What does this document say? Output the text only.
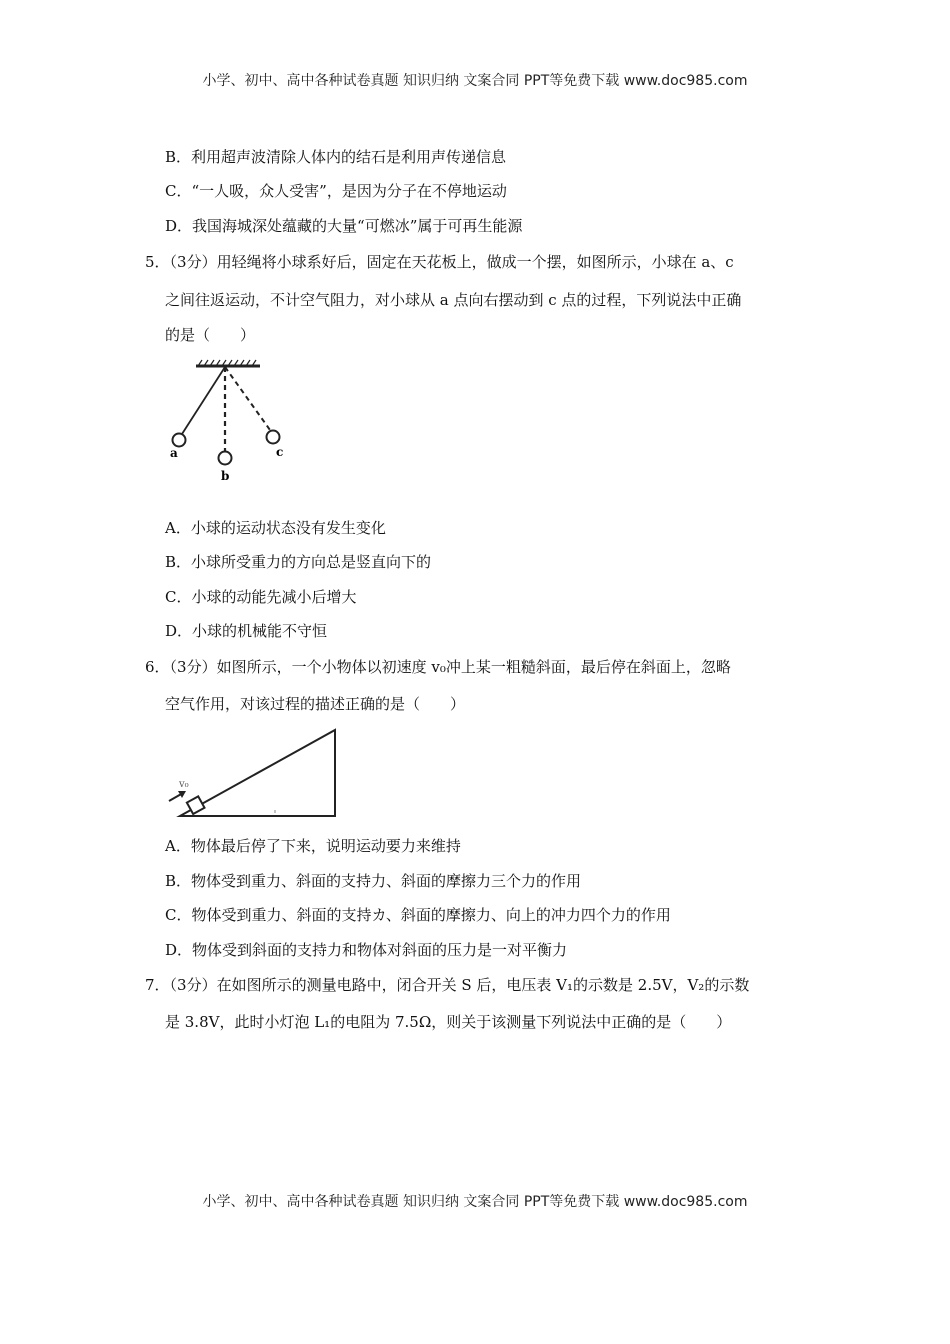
小学、初中、高中各种试卷真题 知识归纳 文案合同 PPT等免费下载 www.doc985.com
B．利用超声波清除人体内的结石是利用声传递信息
C．“一人吸，众人受害”，是因为分子在不停地运动
D．我国海城深处蕴藏的大量“可燃冰”属于可再生能源
5．（3分）用轻绳将小球系好后，固定在天花板上，做成一个摆，如图所示，小球在 a、c
之间往返运动，不计空气阻力，对小球从 a 点向右摆动到 c 点的过程，下列说法中正确
的是（　　）
a
b
c
A．小球的运动状态没有发生变化
B．小球所受重力的方向总是竖直向下的
C．小球的动能先减小后增大
D．小球的机械能不守恒
6．（3分）如图所示，一个小物体以初速度 v₀冲上某一粗糙斜面，最后停在斜面上，忽略
空气作用，对该过程的描述正确的是（　　）
v₀
A．物体最后停了下来，说明运动要力来维持
B．物体受到重力、斜面的支持力、斜面的摩擦力三个力的作用
C．物体受到重力、斜面的支持カ、斜面的摩擦力、向上的冲力四个力的作用
D．物体受到斜面的支持力和物体对斜面的压力是一对平衡力
7．（3分）在如图所示的测量电路中，闭合开关 S 后，电压表 V₁的示数是 2.5V，V₂的示数
是 3.8V，此时小灯泡 L₁的电阻为 7.5Ω，则关于该测量下列说法中正确的是（　　）
小学、初中、高中各种试卷真题 知识归纳 文案合同 PPT等免费下载 www.doc985.com
